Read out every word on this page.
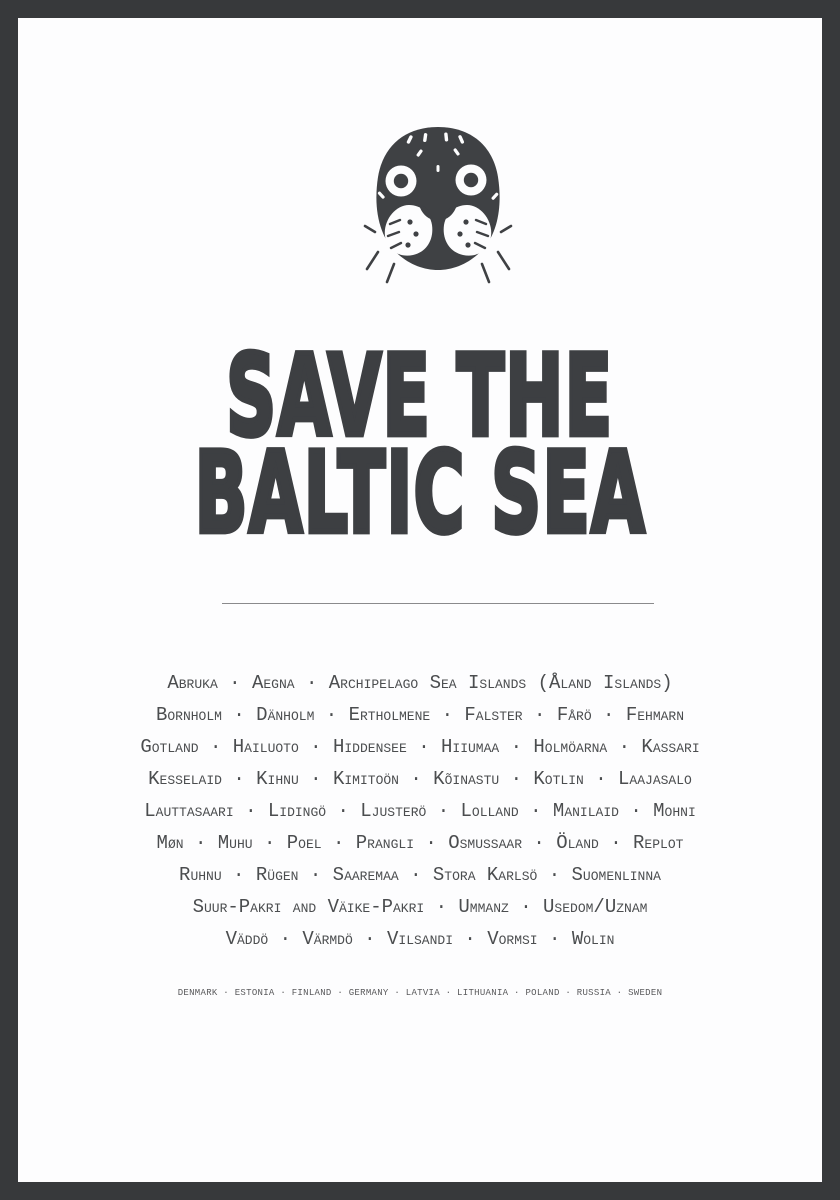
SAVE THE
BALTIC SEA
Abruka · Aegna · Archipelago Sea Islands (Åland Islands)
Bornholm · Dänholm · Ertholmene · Falster · Fårö · Fehmarn
Gotland · Hailuoto · Hiddensee · Hiiumaa · Holmöarna · Kassari
Kesselaid · Kihnu · Kimitoön · Kõinastu · Kotlin · Laajasalo
Lauttasaari · Lidingö · Ljusterö · Lolland · Manilaid · Mohni
Møn · Muhu · Poel · Prangli · Osmussaar · Öland · Replot
Ruhnu · Rügen · Saaremaa · Stora Karlsö · Suomenlinna
Suur-Pakri and Väike-Pakri · Ummanz · Usedom/Uznam
Väddö · Värmdö · Vilsandi · Vormsi · Wolin
DENMARK · ESTONIA · FINLAND · GERMANY · LATVIA · LITHUANIA · POLAND · RUSSIA · SWEDEN
